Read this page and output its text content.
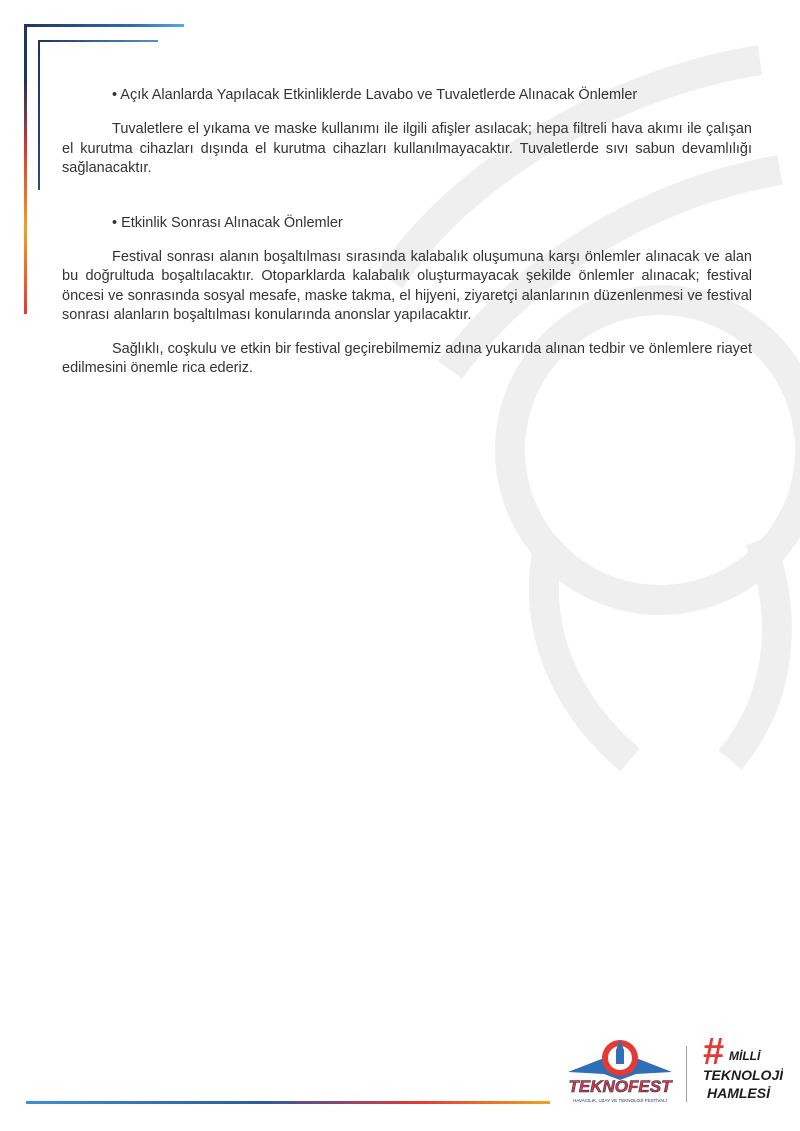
• Açık Alanlarda Yapılacak Etkinliklerde Lavabo ve Tuvaletlerde Alınacak Önlemler

Tuvaletlere el yıkama ve maske kullanımı ile ilgili afişler asılacak; hepa filtreli hava akımı ile çalışan el kurutma cihazları dışında el kurutma cihazları kullanılmayacaktır. Tuvaletlerde sıvı sabun devamlılığı sağlanacaktır.

• Etkinlik Sonrası Alınacak Önlemler

Festival sonrası alanın boşaltılması sırasında kalabalık oluşumuna karşı önlemler alınacak ve alan bu doğrultuda boşaltılacaktır. Otoparklarda kalabalık oluşturmayacak şekilde önlemler alınacak; festival öncesi ve sonrasında sosyal mesafe, maske takma, el hijyeni, ziyaretçi alanlarının düzenlenmesi ve festival sonrası alanların boşaltılması konularında anonslar yapılacaktır.

Sağlıklı, coşkulu ve etkin bir festival geçirebilmemiz adına yukarıda alınan tedbir ve önlemlere riayet edilmesini önemle rica ederiz.

TEKNOFEST
HAVACILIK, UZAY VE TEKNOLOJİ FESTİVALİ
# MİLLİ
TEKNOLOJİ
HAMLESİ
